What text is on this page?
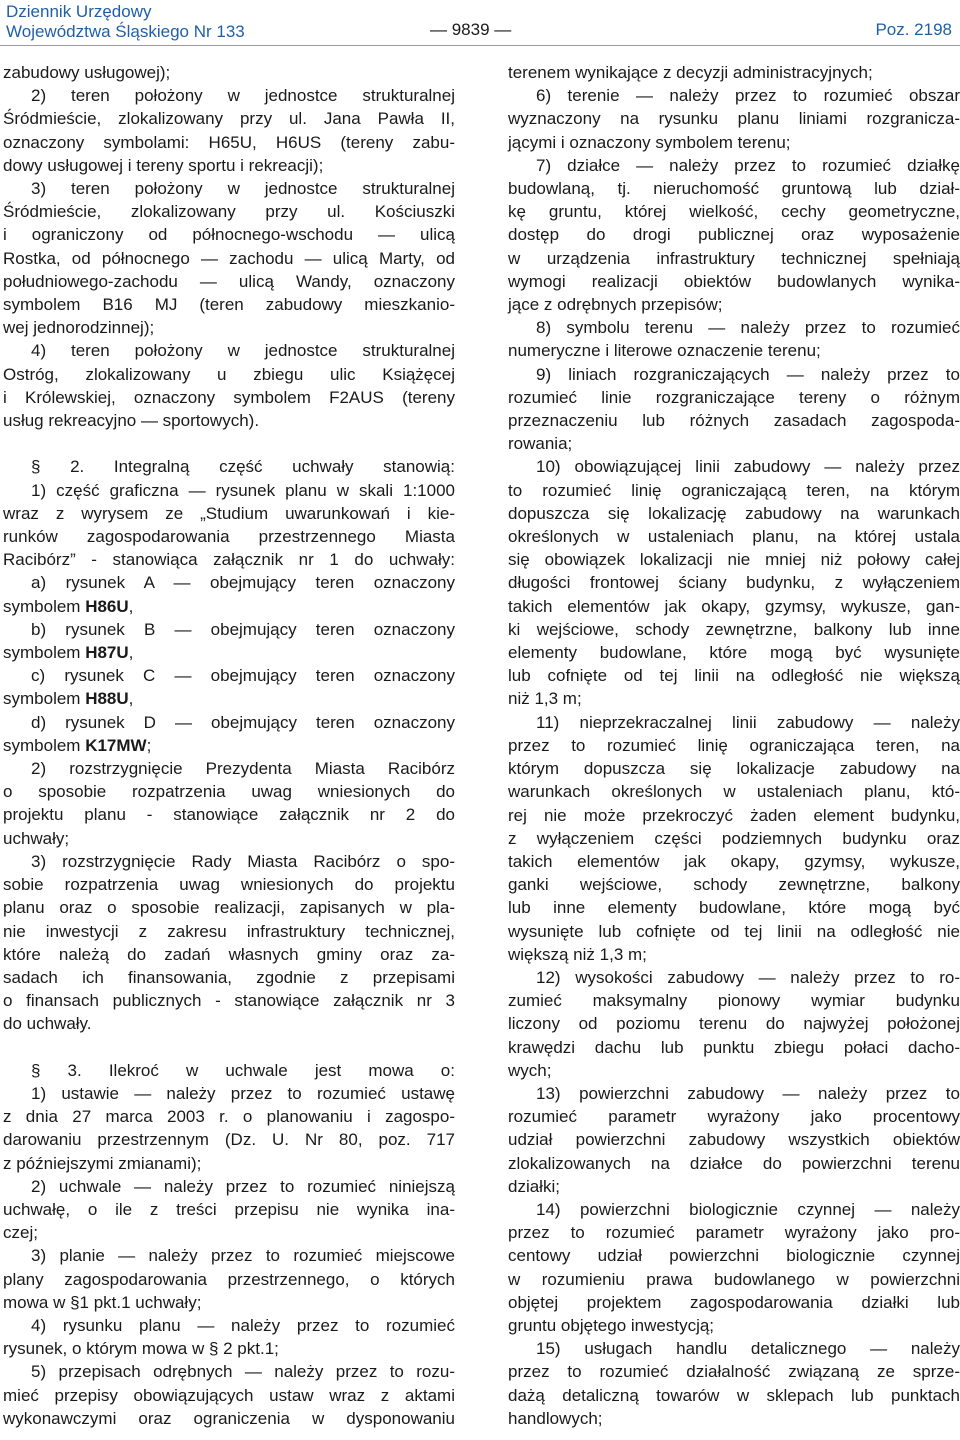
Dziennik Urzędowy
Województwa Śląskiego Nr 133	— 9839 —	Poz. 2198
zabudowy usługowej);
2) teren położony w jednostce strukturalnej
Śródmieście, zlokalizowany przy ul. Jana Pawła II,
oznaczony symbolami: H65U, H6US (tereny zabu-
dowy usługowej i tereny sportu i rekreacji);
3) teren położony w jednostce strukturalnej
Śródmieście, zlokalizowany przy ul. Kościuszki
i ograniczony od północnego-wschodu — ulicą
Rostka, od północnego — zachodu — ulicą Marty, od
południowego-zachodu — ulicą Wandy, oznaczony
symbolem B16 MJ (teren zabudowy mieszkanio-
wej jednorodzinnej);
4) teren położony w jednostce strukturalnej
Ostróg, zlokalizowany u zbiegu ulic Książęcej
i Królewskiej, oznaczony symbolem F2AUS (tereny
usług rekreacyjno — sportowych).
§ 2. Integralną część uchwały stanowią:
1) część graficzna — rysunek planu w skali 1:1000
wraz z wyrysem ze „Studium uwarunkowań i kie-
runków zagospodarowania przestrzennego Miasta
Racibórz” - stanowiąca załącznik nr 1 do uchwały:
a) rysunek A — obejmujący teren oznaczony
symbolem H86U,
b) rysunek B — obejmujący teren oznaczony
symbolem H87U,
c) rysunek C — obejmujący teren oznaczony
symbolem H88U,
d) rysunek D — obejmujący teren oznaczony
symbolem K17MW;
2) rozstrzygnięcie Prezydenta Miasta Racibórz
o sposobie rozpatrzenia uwag wniesionych do
projektu planu - stanowiące załącznik nr 2 do
uchwały;
3) rozstrzygnięcie Rady Miasta Racibórz o spo-
sobie rozpatrzenia uwag wniesionych do projektu
planu oraz o sposobie realizacji, zapisanych w pla-
nie inwestycji z zakresu infrastruktury technicznej,
które należą do zadań własnych gminy oraz za-
sadach ich finansowania, zgodnie z przepisami
o finansach publicznych - stanowiące załącznik nr 3
do uchwały.
§ 3. Ilekroć w uchwale jest mowa o:
1) ustawie — należy przez to rozumieć ustawę
z dnia 27 marca 2003 r. o planowaniu i zagospo-
darowaniu przestrzennym (Dz. U. Nr 80, poz. 717
z późniejszymi zmianami);
2) uchwale — należy przez to rozumieć niniejszą
uchwałę, o ile z treści przepisu nie wynika ina-
czej;
3) planie — należy przez to rozumieć miejscowe
plany zagospodarowania przestrzennego, o których
mowa w §1 pkt.1 uchwały;
4) rysunku planu — należy przez to rozumieć
rysunek, o którym mowa w § 2 pkt.1;
5) przepisach odrębnych — należy przez to rozu-
mieć przepisy obowiązujących ustaw wraz z aktami
wykonawczymi oraz ograniczenia w dysponowaniu
terenem wynikające z decyzji administracyjnych;
6) terenie — należy przez to rozumieć obszar
wyznaczony na rysunku planu liniami rozgranicza-
jącymi i oznaczony symbolem terenu;
7) działce — należy przez to rozumieć działkę
budowlaną, tj. nieruchomość gruntową lub dział-
kę gruntu, której wielkość, cechy geometryczne,
dostęp do drogi publicznej oraz wyposażenie
w urządzenia infrastruktury technicznej spełniają
wymogi realizacji obiektów budowlanych wynika-
jące z odrębnych przepisów;
8) symbolu terenu — należy przez to rozumieć
numeryczne i literowe oznaczenie terenu;
9) liniach rozgraniczających — należy przez to
rozumieć linie rozgraniczające tereny o różnym
przeznaczeniu lub różnych zasadach zagospoda-
rowania;
10) obowiązującej linii zabudowy — należy przez
to rozumieć linię ograniczającą teren, na którym
dopuszcza się lokalizację zabudowy na warunkach
określonych w ustaleniach planu, na której ustala
się obowiązek lokalizacji nie mniej niż połowy całej
długości frontowej ściany budynku, z wyłączeniem
takich elementów jak okapy, gzymsy, wykusze, gan-
ki wejściowe, schody zewnętrzne, balkony lub inne
elementy budowlane, które mogą być wysunięte
lub cofnięte od tej linii na odległość nie większą
niż 1,3 m;
11) nieprzekraczalnej linii zabudowy — należy
przez to rozumieć linię ograniczająca teren, na
którym dopuszcza się lokalizacje zabudowy na
warunkach określonych w ustaleniach planu, któ-
rej nie może przekroczyć żaden element budynku,
z wyłączeniem części podziemnych budynku oraz
takich elementów jak okapy, gzymsy, wykusze,
ganki wejściowe, schody zewnętrzne, balkony
lub inne elementy budowlane, które mogą być
wysunięte lub cofnięte od tej linii na odległość nie
większą niż 1,3 m;
12) wysokości zabudowy — należy przez to ro-
zumieć maksymalny pionowy wymiar budynku
liczony od poziomu terenu do najwyżej położonej
krawędzi dachu lub punktu zbiegu połaci dacho-
wych;
13) powierzchni zabudowy — należy przez to
rozumieć parametr wyrażony jako procentowy
udział powierzchni zabudowy wszystkich obiektów
zlokalizowanych na działce do powierzchni terenu
działki;
14) powierzchni biologicznie czynnej — należy
przez to rozumieć parametr wyrażony jako pro-
centowy udział powierzchni biologicznie czynnej
w rozumieniu prawa budowlanego w powierzchni
objętej projektem zagospodarowania działki lub
gruntu objętego inwestycją;
15) usługach handlu detalicznego — należy
przez to rozumieć działalność związaną ze sprze-
dażą detaliczną towarów w sklepach lub punktach
handlowych;
